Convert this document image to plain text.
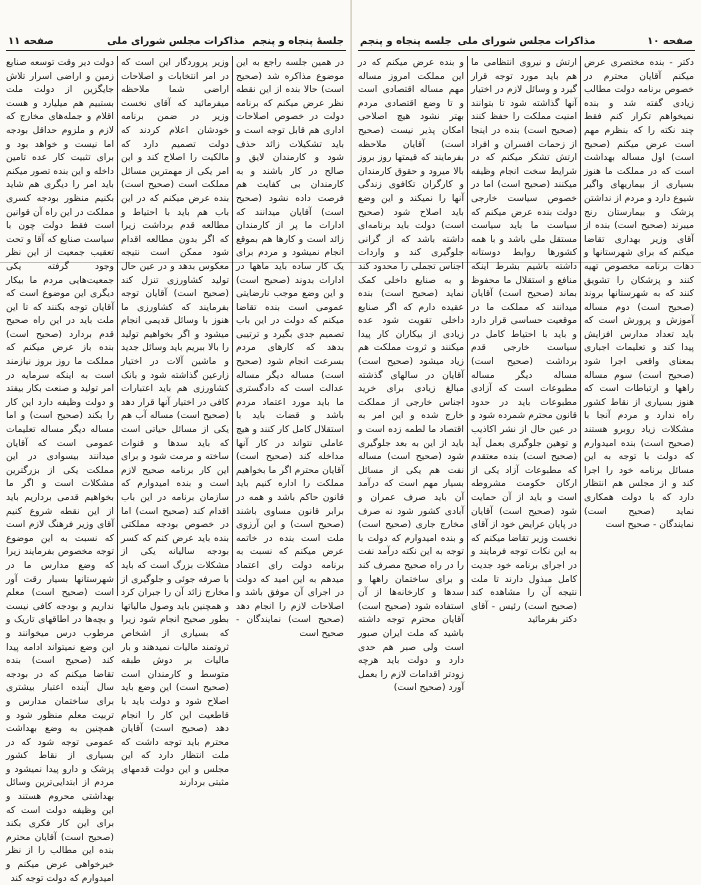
صفحه ۱۱	مذاکرات مجلس شورای ملی جلسهٔ پنجاه و پنجم

دولت دیر وقت توسعه صنایع زمین و اراضی اسرار تلاش جایگزین از دولت ملت بستبیم هم میلیارد و هست اقلام و جمله‌های مخارج که لازم و ملزوم حداقل بودجه اما نیست و خواهد بود و برای تثبیت کار عده تامین داخله و این بنده تصور میکنم باید امر را دیگری هم شاید بکنیم منظور بودجه کسری مملکت در این راه آن قوانین است فقط دولت چون با سیاست صنایع که آقا و تحت تعقیب جمعیت از این نظر وجود گرفته یکی جمعیت‌هایی مردم ما بیکار دیگری این موضوع است که آقایان توجه بکنند که تا این ملت باید در این راه صحیح قدم بردارد (صحیح است) بنده باز عرض میکنم که مملکت ما روز بروز نیازمند است به اینکه سرمایه در امر تولید و صنعت بکار بیفتد و دولت وظیفه دارد این کار را بکند (صحیح است) و اما مساله دیگر مساله تعلیمات عمومی است که آقایان میدانند بیسوادی در این مملکت یکی از بزرگترین مشکلات است و اگر ما بخواهیم قدمی برداریم باید از این نقطه شروع کنیم آقای وزیر فرهنگ لازم است که نسبت به این موضوع توجه مخصوص بفرمایند زیرا که وضع مدارس ما در شهرستانها بسیار رقت آور است (صحیح است) معلم نداریم و بودجه کافی نیست و بچه‌ها در اطاقهای تاریک و مرطوب درس میخوانند و این وضع نمیتواند ادامه پیدا کند (صحیح است) بنده تقاضا میکنم که در بودجه سال آینده اعتبار بیشتری برای ساختمان مدارس و تربیت معلم منظور شود و همچنین به وضع بهداشت عمومی توجه شود که در بسیاری از نقاط کشور پزشک و دارو پیدا نمیشود و مردم از ابتدایی‌ترین وسائل بهداشتی محروم هستند و این وظیفه دولت است که برای این کار فکری بکند (صحیح است) آقایان محترم بنده این مطالب را از نظر خیرخواهی عرض میکنم و امیدوارم که دولت توجه کند

وزیر پروردگار این است که در امر انتخابات و اصلاحات اراضی شما ملاحظه میفرمائید که آقای نخست وزیر در ضمن برنامه خودشان اعلام کردند که دولت تصمیم دارد که مالکیت را اصلاح کند و این امر یکی از مهمترین مسائل مملکت است (صحیح است) بنده عرض میکنم که در این باب هم باید با احتیاط و مطالعه قدم برداشت زیرا که اگر بدون مطالعه اقدام شود ممکن است نتیجه معکوس بدهد و در عین حال تولید کشاورزی تنزل کند (صحیح است) آقایان توجه بفرمایند که کشاورزی ما هنوز با وسائل قدیمی انجام میشود و اگر بخواهیم تولید را بالا ببریم باید وسائل جدید و ماشین آلات در اختیار زارعین گذاشته شود و بانک کشاورزی هم باید اعتبارات کافی در اختیار آنها قرار دهد (صحیح است) مساله آب هم یکی از مسائل حیاتی است که باید سدها و قنوات ساخته و مرمت شود و برای این کار برنامه صحیح لازم است و بنده امیدوارم که سازمان برنامه در این باب اقدام کند (صحیح است) اما در خصوص بودجه مملکتی بنده باید عرض کنم که کسر بودجه سالیانه یکی از مشکلات بزرگ است که باید با صرفه جوئی و جلوگیری از مخارج زائد آن را جبران کرد و همچنین باید وصول مالیاتها بطور صحیح انجام شود زیرا که بسیاری از اشخاص ثروتمند مالیات نمیدهند و بار مالیات بر دوش طبقه متوسط و کارمندان است (صحیح است) این وضع باید اصلاح شود و دولت باید با قاطعیت این کار را انجام دهد (صحیح است) آقایان محترم باید توجه داشت که ملت انتظار دارد که این مجلس و این دولت قدمهای مثبتی بردارند

در همین جلسه راجع به این موضوع مذاکره شد (صحیح است) حالا بنده از این نقطه نظر عرض میکنم که برنامه دولت در خصوص اصلاحات اداری هم قابل توجه است و باید تشکیلات زائد حذف شود و کارمندان لایق و صالح در کار باشند و به کارمندان بی کفایت هم فرصت داده نشود (صحیح است) آقایان میدانند که ادارات ما پر از کارمندان زائد است و کارها هم بموقع انجام نمیشود و مردم برای یک کار ساده باید ماهها در ادارات بدوند (صحیح است) و این وضع موجب نارضایتی عمومی است بنده تقاضا میکنم که دولت در این باب تصمیم جدی بگیرد و ترتیبی بدهد که کارهای مردم بسرعت انجام شود (صحیح است) مساله دیگر مساله عدالت است که دادگستری ما باید مورد اعتماد مردم باشد و قضات باید با استقلال کامل کار کنند و هیچ عاملی نتواند در کار آنها مداخله کند (صحیح است) آقایان محترم اگر ما بخواهیم مملکت را اداره کنیم باید قانون حاکم باشد و همه در برابر قانون مساوی باشند (صحیح است) و این آرزوی ملت است بنده در خاتمه عرض میکنم که نسبت به برنامه دولت رای اعتماد میدهم به این امید که دولت در اجرای آن موفق باشد و اصلاحات لازم را انجام دهد (صحیح است) نمایندگان - صحیح است

جلسه پنجاه و پنجم مذاکرات مجلس شورای ملی	صفحه ۱۰

و بنده عرض میکنم که در این مملکت امروز مساله مهم مساله اقتصادی است و تا وضع اقتصادی مردم بهتر نشود هیچ اصلاحی امکان پذیر نیست (صحیح است) آقایان ملاحظه بفرمایند که قیمتها روز بروز بالا میرود و حقوق کارمندان و کارگران تکافوی زندگی آنها را نمیکند و این وضع باید اصلاح شود (صحیح است) دولت باید برنامه‌ای داشته باشد که از گرانی جلوگیری کند و واردات اجناس تجملی را محدود کند و به صنایع داخلی کمک نماید (صحیح است) بنده عقیده دارم که اگر صنایع داخلی تقویت شود عده زیادی از بیکاران کار پیدا میکنند و ثروت مملکت هم زیاد میشود (صحیح است) آقایان در سالهای گذشته مبالغ زیادی برای خرید اجناس خارجی از مملکت خارج شده و این امر به اقتصاد ما لطمه زده است و باید از این به بعد جلوگیری شود (صحیح است) مساله نفت هم یکی از مسائل بسیار مهم است که درآمد آن باید صرف عمران و آبادی کشور شود نه صرف مخارج جاری (صحیح است) و بنده امیدوارم که دولت با توجه به این نکته درآمد نفت را در راه صحیح مصرف کند و برای ساختمان راهها و سدها و کارخانه‌ها از آن استفاده شود (صحیح است) آقایان محترم توجه داشته باشید که ملت ایران صبور است ولی صبر هم حدی دارد و دولت باید هرچه زودتر اقدامات لازم را بعمل آورد (صحیح است)

ارتش و نیروی انتظامی ما هم باید مورد توجه قرار گیرد و وسائل لازم در اختیار آنها گذاشته شود تا بتوانند امنیت مملکت را حفظ کنند (صحیح است) بنده در اینجا از زحمات افسران و افراد ارتش تشکر میکنم که در شرایط سخت انجام وظیفه میکنند (صحیح است) اما در خصوص سیاست خارجی دولت بنده عرض میکنم که سیاست ما باید سیاست مستقل ملی باشد و با همه کشورها روابط دوستانه داشته باشیم بشرط اینکه منافع و استقلال ما محفوظ بماند (صحیح است) آقایان میدانند که مملکت ما در موقعیت حساسی قرار دارد و باید با احتیاط کامل در سیاست خارجی قدم برداشت (صحیح است) مساله دیگر مساله مطبوعات است که آزادی مطبوعات باید در حدود قانون محترم شمرده شود و در عین حال از نشر اکاذیب و توهین جلوگیری بعمل آید (صحیح است) بنده معتقدم که مطبوعات آزاد یکی از ارکان حکومت مشروطه است و باید از آن حمایت شود (صحیح است) آقایان در پایان عرایض خود از آقای نخست وزیر تقاضا میکنم که به این نکات توجه فرمایند و در اجرای برنامه خود جدیت کامل مبذول دارند تا ملت نتیجه آن را مشاهده کند (صحیح است) رئیس - آقای دکتر بفرمائید

دکتر - بنده مختصری عرض میکنم آقایان محترم در خصوص برنامه دولت مطالب زیادی گفته شد و بنده نمیخواهم تکرار کنم فقط چند نکته را که بنظرم مهم است عرض میکنم (صحیح است) اول مساله بهداشت است که در مملکت ما هنوز بسیاری از بیماریهای واگیر شیوع دارد و مردم از نداشتن پزشک و بیمارستان رنج میبرند (صحیح است) بنده از آقای وزیر بهداری تقاضا میکنم که برای شهرستانها و دهات برنامه مخصوص تهیه کنند و پزشکان را تشویق کنند که به شهرستانها بروند (صحیح است) دوم مساله آموزش و پرورش است که باید تعداد مدارس افزایش پیدا کند و تعلیمات اجباری بمعنای واقعی اجرا شود (صحیح است) سوم مساله راهها و ارتباطات است که هنوز بسیاری از نقاط کشور راه ندارد و مردم آنجا با مشکلات زیاد روبرو هستند (صحیح است) بنده امیدوارم که دولت با توجه به این مسائل برنامه خود را اجرا کند و از مجلس هم انتظار دارد که با دولت همکاری نماید (صحیح است) نمایندگان - صحیح است
